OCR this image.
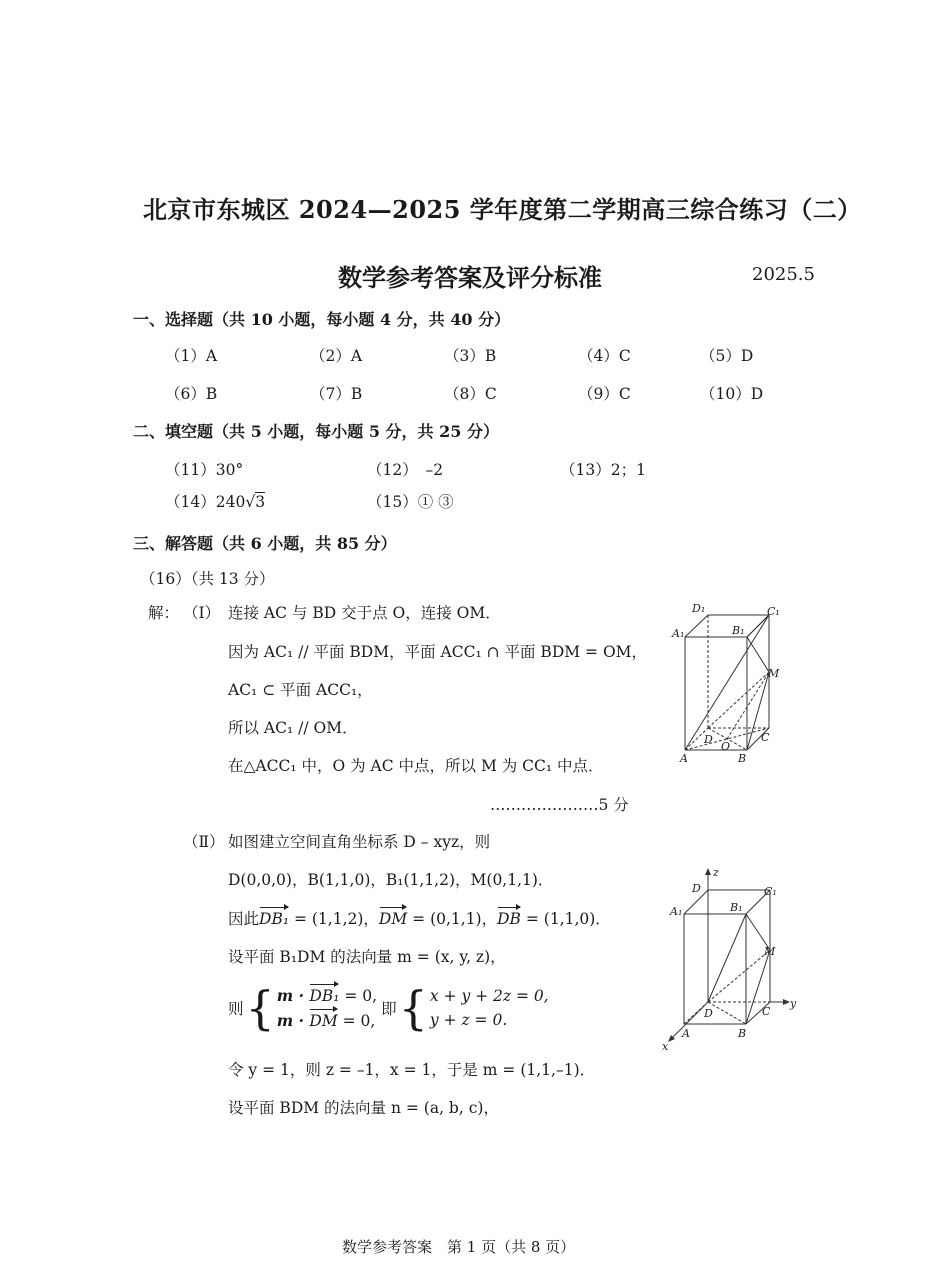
北京市东城区 2024—2025 学年度第二学期高三综合练习（二）
数学参考答案及评分标准	2025.5
一、选择题（共 10 小题，每小题 4 分，共 40 分）
（1）A	（2）A	（3）B	（4）C	（5）D
（6）B	（7）B	（8）C	（9）C	（10）D
二、填空题（共 5 小题，每小题 5 分，共 25 分）
（11）30°	（12）　–2	（13）2；1
（14）240√3	（15）① ③
三、解答题（共 6 小题，共 85 分）
（16）（共 13 分）
解： （Ⅰ） 连接 AC 与 BD 交于点 O，连接 OM．
因为 AC₁ // 平面 BDM，平面 ACC₁ ∩ 平面 BDM = OM，
AC₁ ⊂ 平面 ACC₁，
所以 AC₁ // OM．
在△ACC₁ 中，O 为 AC 中点，所以 M 为 CC₁ 中点．
…………………5 分
（Ⅱ） 如图建立空间直角坐标系 D – xyz，则
D(0,0,0)，B(1,1,0)，B₁(1,1,2)，M(0,1,1)．
因此DB₁ = (1,1,2)，DM = (0,1,1)，DB = (1,1,0)．
设平面 B₁DM 的法向量 m = (x, y, z)，
则 { m · DB₁ = 0,
m · DM = 0,
即 { x + y + 2z = 0,
y + z = 0.
令 y = 1，则 z = –1，x = 1，于是 m = (1,1,–1)．
设平面 BDM 的法向量 n = (a, b, c)，
D₁	C₁
A₁	B₁
M
D
O
C
A	B
z
D	C₁
A₁	B₁
M
D	C
y
A	B
x
数学参考答案　第 1 页（共 8 页）
